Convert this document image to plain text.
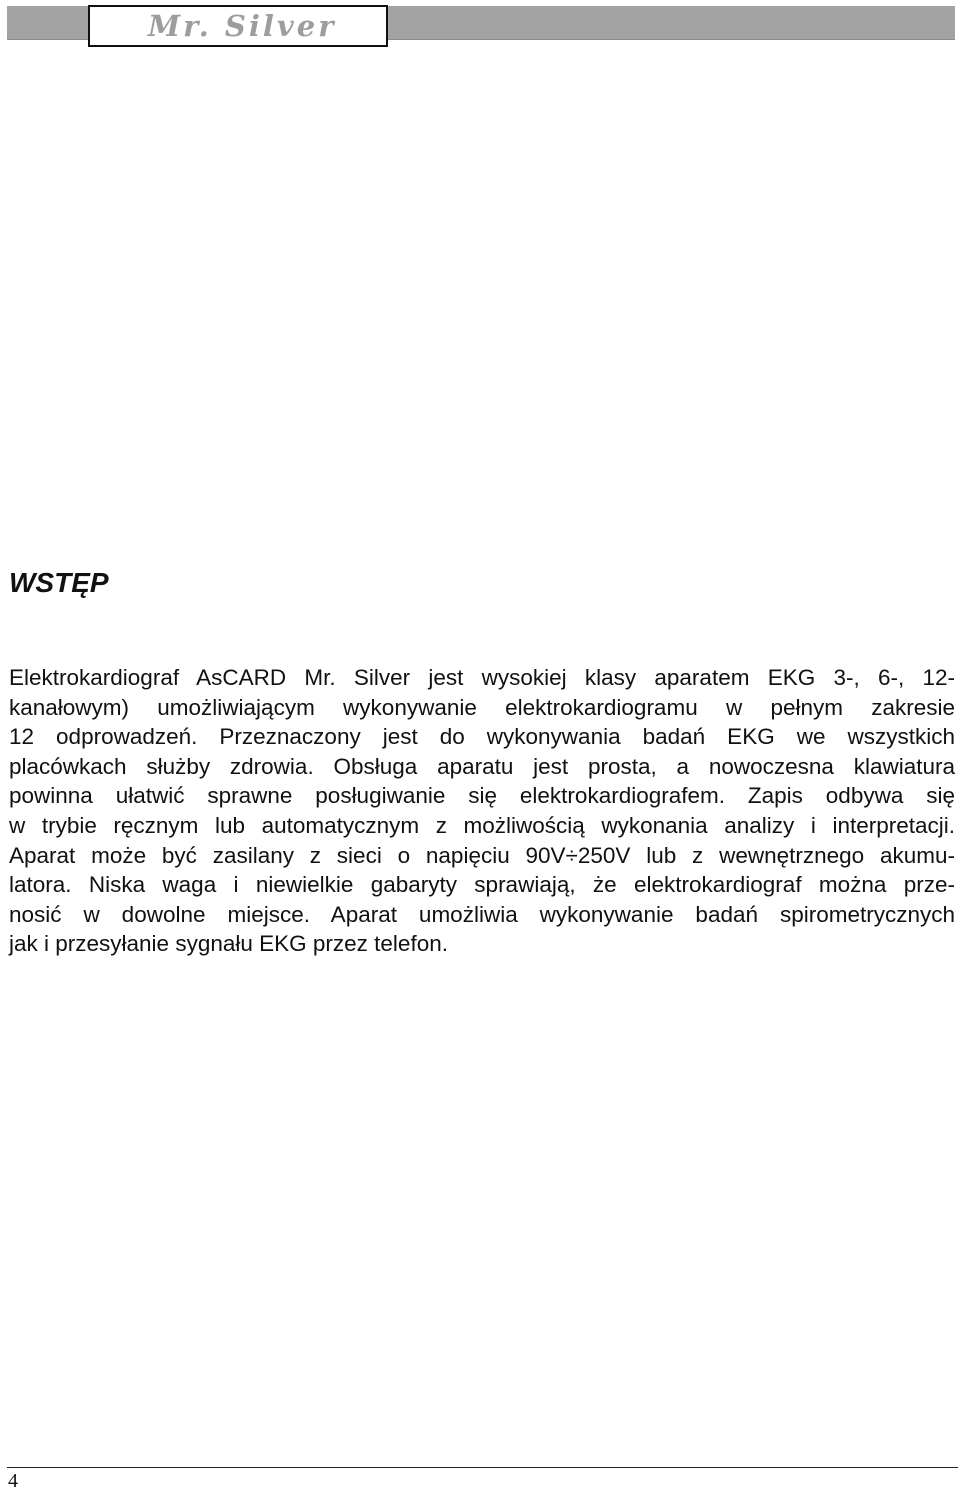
Mr. Silver
WSTĘP

Elektrokardiograf AsCARD Mr. Silver jest wysokiej klasy aparatem EKG 3-, 6-, 12-
kanałowym) umożliwiającym wykonywanie elektrokardiogramu w pełnym zakresie
12 odprowadzeń. Przeznaczony jest do wykonywania badań EKG we wszystkich
placówkach służby zdrowia. Obsługa aparatu jest prosta, a nowoczesna klawiatura
powinna ułatwić sprawne posługiwanie się elektrokardiografem. Zapis odbywa się
w trybie ręcznym lub automatycznym z możliwością wykonania analizy i interpretacji.
Aparat może być zasilany z sieci o napięciu 90V÷250V lub z wewnętrznego akumu-
latora. Niska waga i niewielkie gabaryty sprawiają, że elektrokardiograf można prze-
nosić w dowolne miejsce. Aparat umożliwia wykonywanie badań spirometrycznych
jak i przesyłanie sygnału EKG przez telefon.

4
